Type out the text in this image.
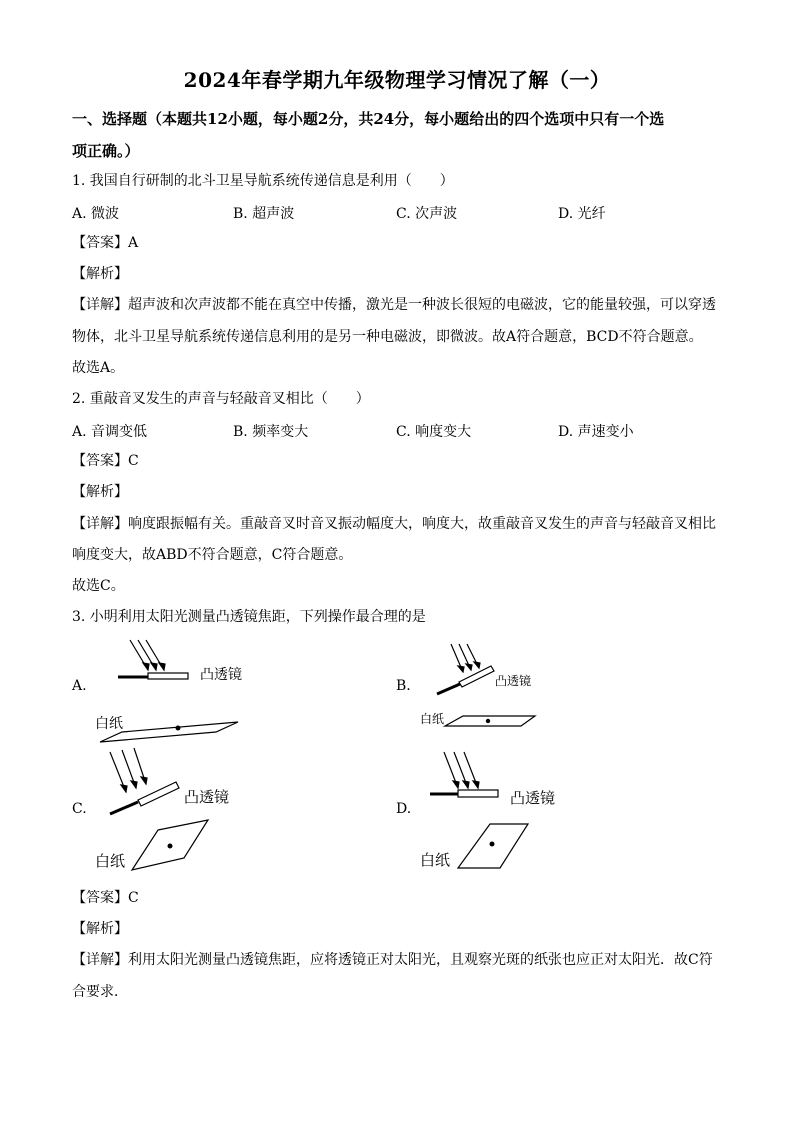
2024年春学期九年级物理学习情况了解（一）
一、选择题（本题共12小题，每小题2分，共24分，每小题给出的四个选项中只有一个选
项正确。）
1. 我国自行研制的北斗卫星导航系统传递信息是利用（　　）
A. 微波	B. 超声波	C. 次声波	D. 光纤
【答案】A
【解析】
【详解】超声波和次声波都不能在真空中传播，激光是一种波长很短的电磁波，它的能量较强，可以穿透
物体，北斗卫星导航系统传递信息利用的是另一种电磁波，即微波。故A符合题意，BCD不符合题意。
故选A。
2. 重敲音叉发生的声音与轻敲音叉相比（　　）
A. 音调变低	B. 频率变大	C. 响度变大	D. 声速变小
【答案】C
【解析】
【详解】响度跟振幅有关。重敲音叉时音叉振动幅度大，响度大，故重敲音叉发生的声音与轻敲音叉相比
响度变大，故ABD不符合题意，C符合题意。
故选C。
3. 小明利用太阳光测量凸透镜焦距，下列操作最合理的是
A.
凸透镜
白纸
B.	凸透镜
白纸
C.
凸透镜
白纸
D.
凸透镜
白纸
【答案】C
【解析】
【详解】利用太阳光测量凸透镜焦距，应将透镜正对太阳光，且观察光斑的纸张也应正对太阳光．故C符
合要求．
